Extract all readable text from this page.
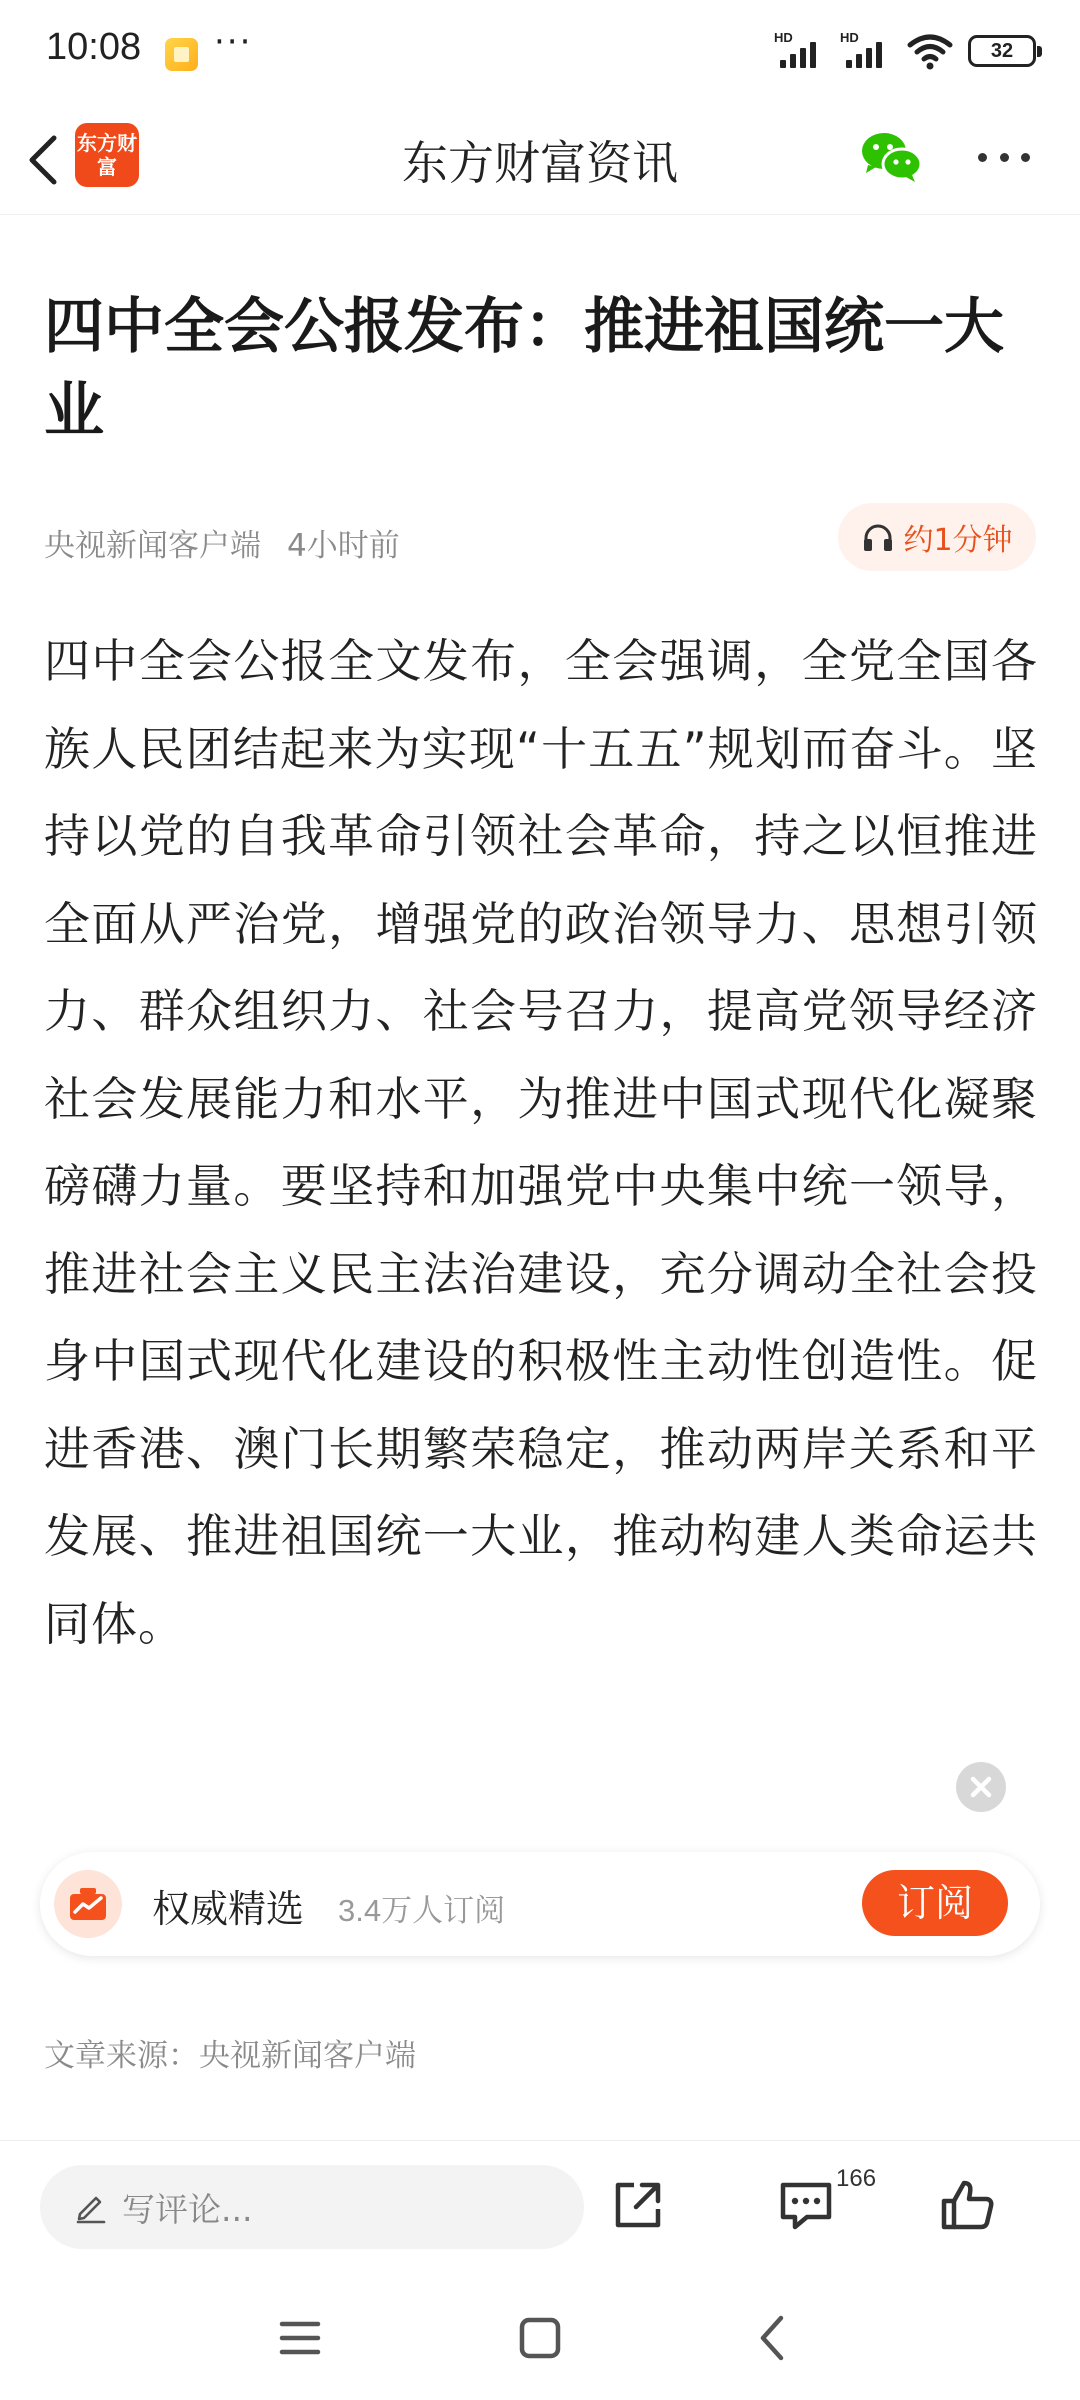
10:08 ···	HD	HD
32
东方财富	东方财富资讯
四中全会公报发布：推进祖国统一大业
央视新闻客户端 4小时前	约1分钟

四中全会公报全文发布，全会强调，全党全国各族人民团结起来为实现“十五五”规划而奋斗。坚持以党的自我革命引领社会革命，持之以恒推进全面从严治党，增强党的政治领导力、思想引领力、群众组织力、社会号召力，提高党领导经济社会发展能力和水平，为推进中国式现代化凝聚磅礴力量。要坚持和加强党中央集中统一领导，推进社会主义民主法治建设，充分调动全社会投身中国式现代化建设的积极性主动性创造性。促进香港、澳门长期繁荣稳定，推动两岸关系和平发展、推进祖国统一大业，推动构建人类命运共同体。

权威精选 3.4万人订阅	订阅
文章来源：央视新闻客户端
写评论...
166
